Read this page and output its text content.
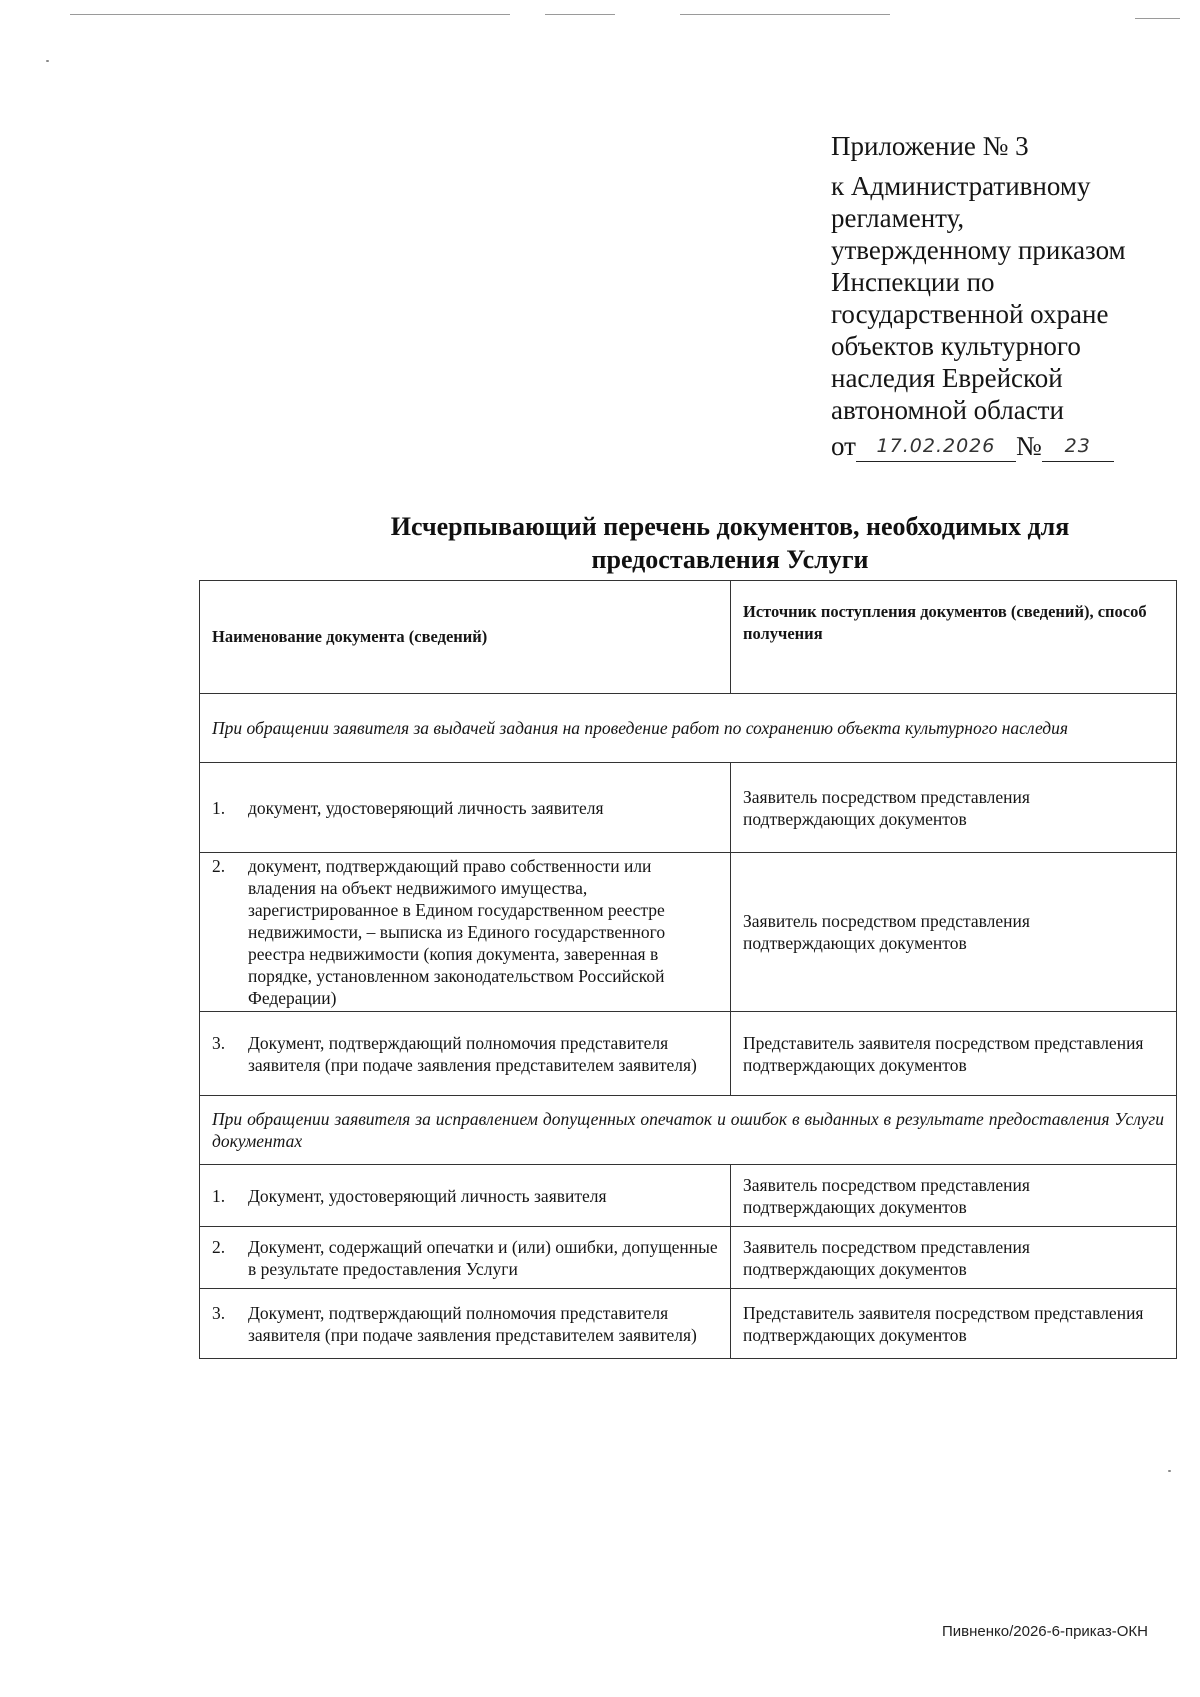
Приложение № 3
к Административному
регламенту,
утвержденному приказом
Инспекции по
государственной охране
объектов культурного
наследия Еврейской
автономной области
от	17.02.2026 №	23
Исчерпывающий перечень документов, необходимых для предоставления Услуги
Наименование документа (сведений)	Источник поступления документов (сведений), способ получения
При обращении заявителя за выдачей задания на проведение работ по сохранению объекта культурного наследия	

1. документ, удостоверяющий личность заявителя	Заявитель посредством представления подтверждающих документов

2. документ, подтверждающий право собственности или владения на объект недвижимого имущества, зарегистрированное в Едином государственном реестре недвижимости, – выписка из Единого государственного реестра недвижимости (копия документа, заверенная в порядке, установленном законодательством Российской Федерации)	Заявитель посредством представления подтверждающих документов

3. Документ, подтверждающий полномочия представителя заявителя (при подаче заявления представителем заявителя)	Представитель заявителя посредством представления подтверждающих документов
При обращении заявителя за исправлением допущенных опечаток и ошибок в выданных в результате предоставления Услуги документах	

1. Документ, удостоверяющий личность заявителя	Заявитель посредством представления подтверждающих документов

2. Документ, содержащий опечатки и (или) ошибки, допущенные в результате предоставления Услуги	Заявитель посредством представления подтверждающих документов

3. Документ, подтверждающий полномочия представителя заявителя (при подаче заявления представителем заявителя)	Представитель заявителя посредством представления подтверждающих документов
Пивненко/2026-6-приказ-ОКН
